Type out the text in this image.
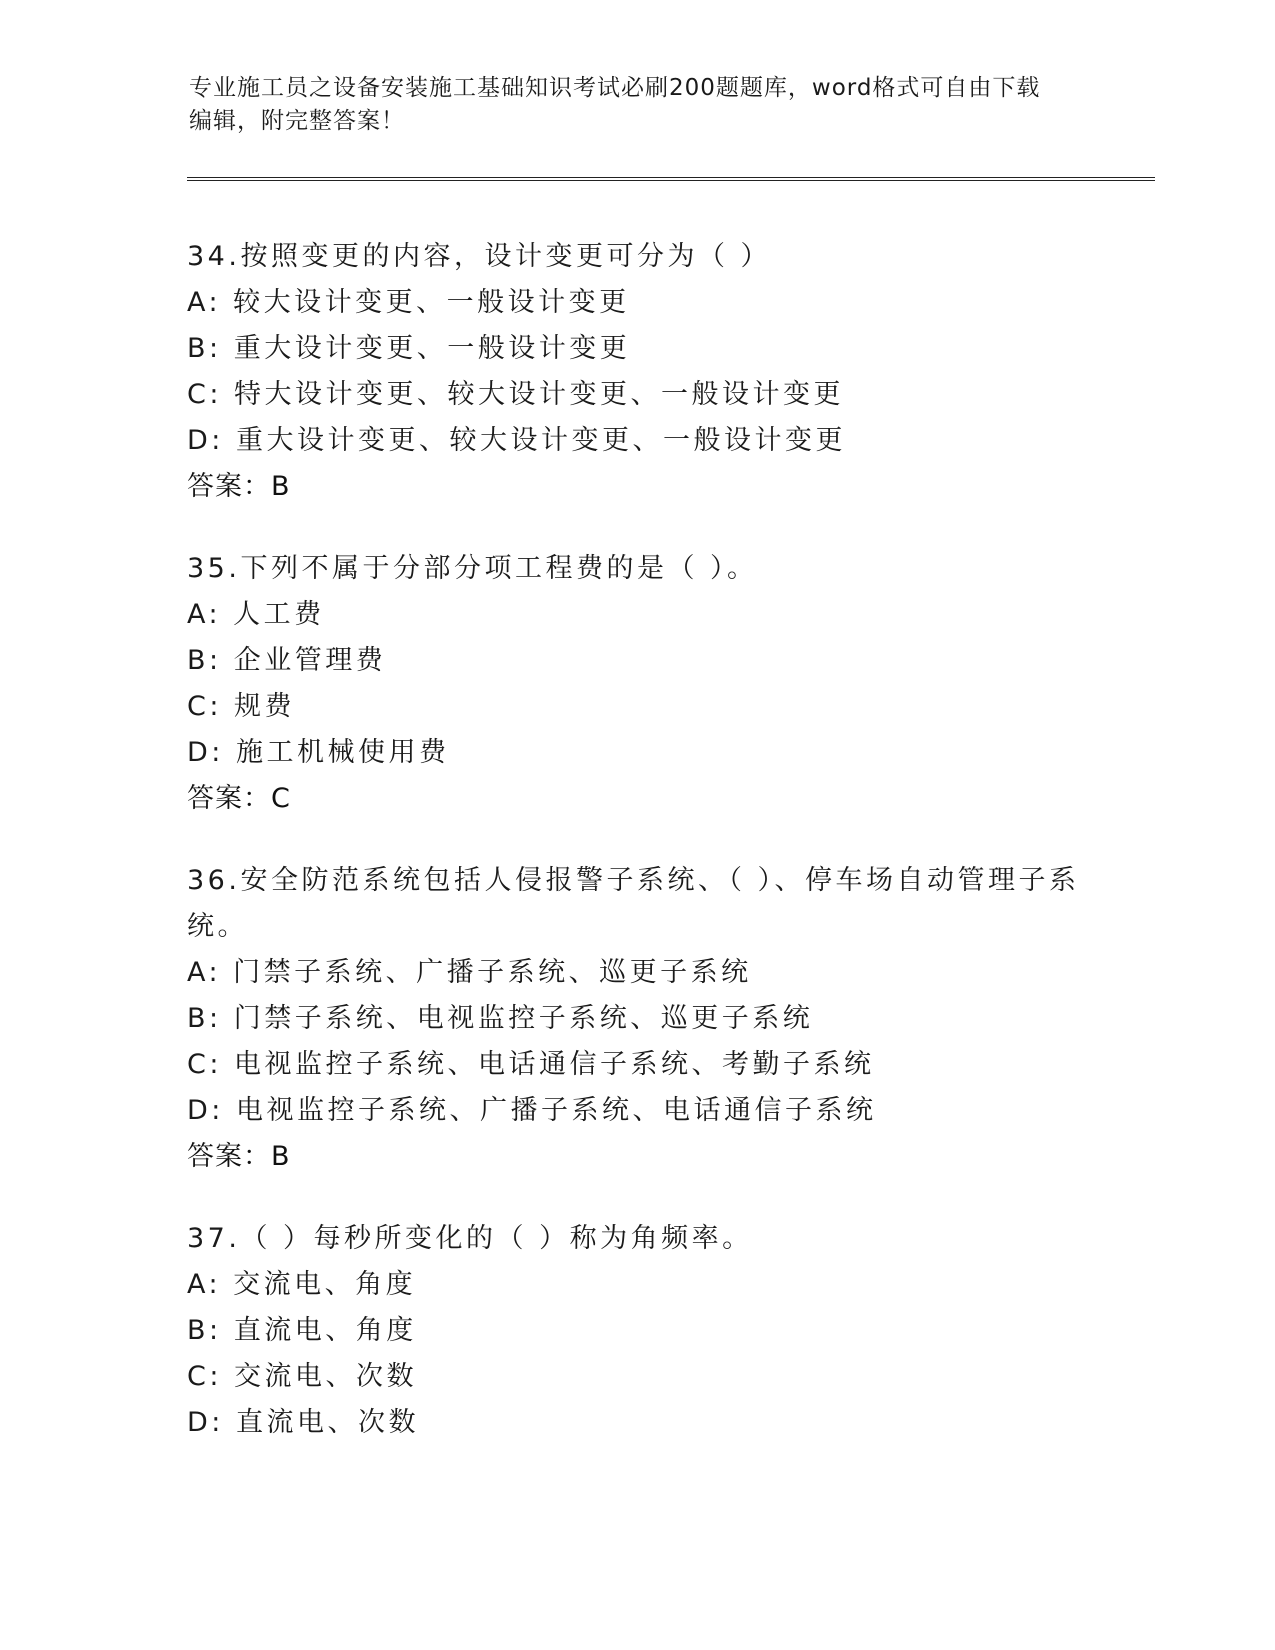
专业施工员之设备安装施工基础知识考试必刷200题题库，word格式可自由下载
编辑，附完整答案！
34.按照变更的内容，设计变更可分为（ ）
A: 较大设计变更、一般设计变更
B: 重大设计变更、一般设计变更
C: 特大设计变更、较大设计变更、一般设计变更
D: 重大设计变更、较大设计变更、一般设计变更
答案：B
35.下列不属于分部分项工程费的是（ ）。
A: 人工费
B: 企业管理费
C: 规费
D: 施工机械使用费
答案：C
36.安全防范系统包括人侵报警子系统、（ ）、停车场自动管理子系统。
A: 门禁子系统、广播子系统、巡更子系统
B: 门禁子系统、电视监控子系统、巡更子系统
C: 电视监控子系统、电话通信子系统、考勤子系统
D: 电视监控子系统、广播子系统、电话通信子系统
答案：B
37.（ ）每秒所变化的（ ）称为角频率。
A: 交流电、角度
B: 直流电、角度
C: 交流电、次数
D: 直流电、次数
